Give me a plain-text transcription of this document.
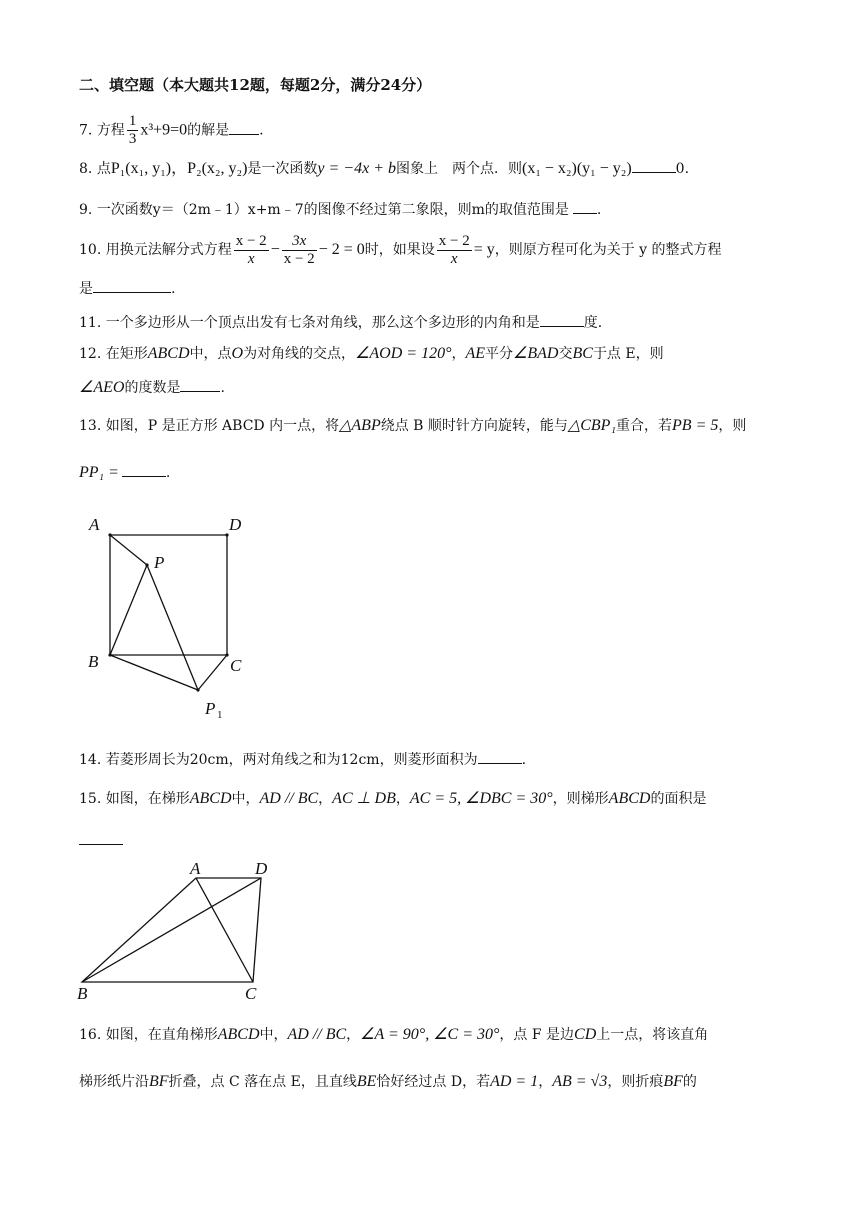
二、填空题（本大题共12题，每题2分，满分24分）
7. 方程 $\frac{1}{3} x^3+9=0$的解是 .
8. 点P₁(x₁, y₁)，P₂(x₂, y₂)是一次函数y = −4x + b图象上　两个点．则(x₁ − x₂)(y₁ − y₂)	0.
9. 一次函数y＝（2m﹣1）x+m﹣7的图像不经过第二象限，则m的取值范围是 .
10. 用换元法解分式方程 $\frac{x - 2}{x} - \frac{3x}{x - 2} - 2 = 0$时，如果设 $\frac{x - 2}{x} = y$，则原方程可化为关于 y 的整式方程
是	.
11. 一个多边形从一个顶点出发有七条对角线，那么这个多边形的内角和是	度.
12. 在矩形ABCD中，点O为对角线的交点，∠AOD = 120°，AE平分∠BAD交BC于点 E，则
∠AEO的度数是	.
13. 如图，P 是正方形 ABCD 内一点，将△ABP绕点 B 顺时针方向旋转，能与△CBP₁重合，若PB = 5，则
PP₁ =	.
A	D
P
B	C
P 1
A	D
B	C
14. 若菱形周长为20cm，两对角线之和为12cm，则菱形面积为	.
15. 如图，在梯形ABCD中，AD // BC，AC ⊥ DB，AC = 5, ∠DBC = 30°，则梯形ABCD的面积是
16. 如图，在直角梯形ABCD中，AD // BC，∠A = 90°, ∠C = 30°，点 F 是边CD上一点，将该直角
梯形纸片沿BF折叠，点 C 落在点 E，且直线BE恰好经过点 D，若AD = 1，AB = √3，则折痕BF的
